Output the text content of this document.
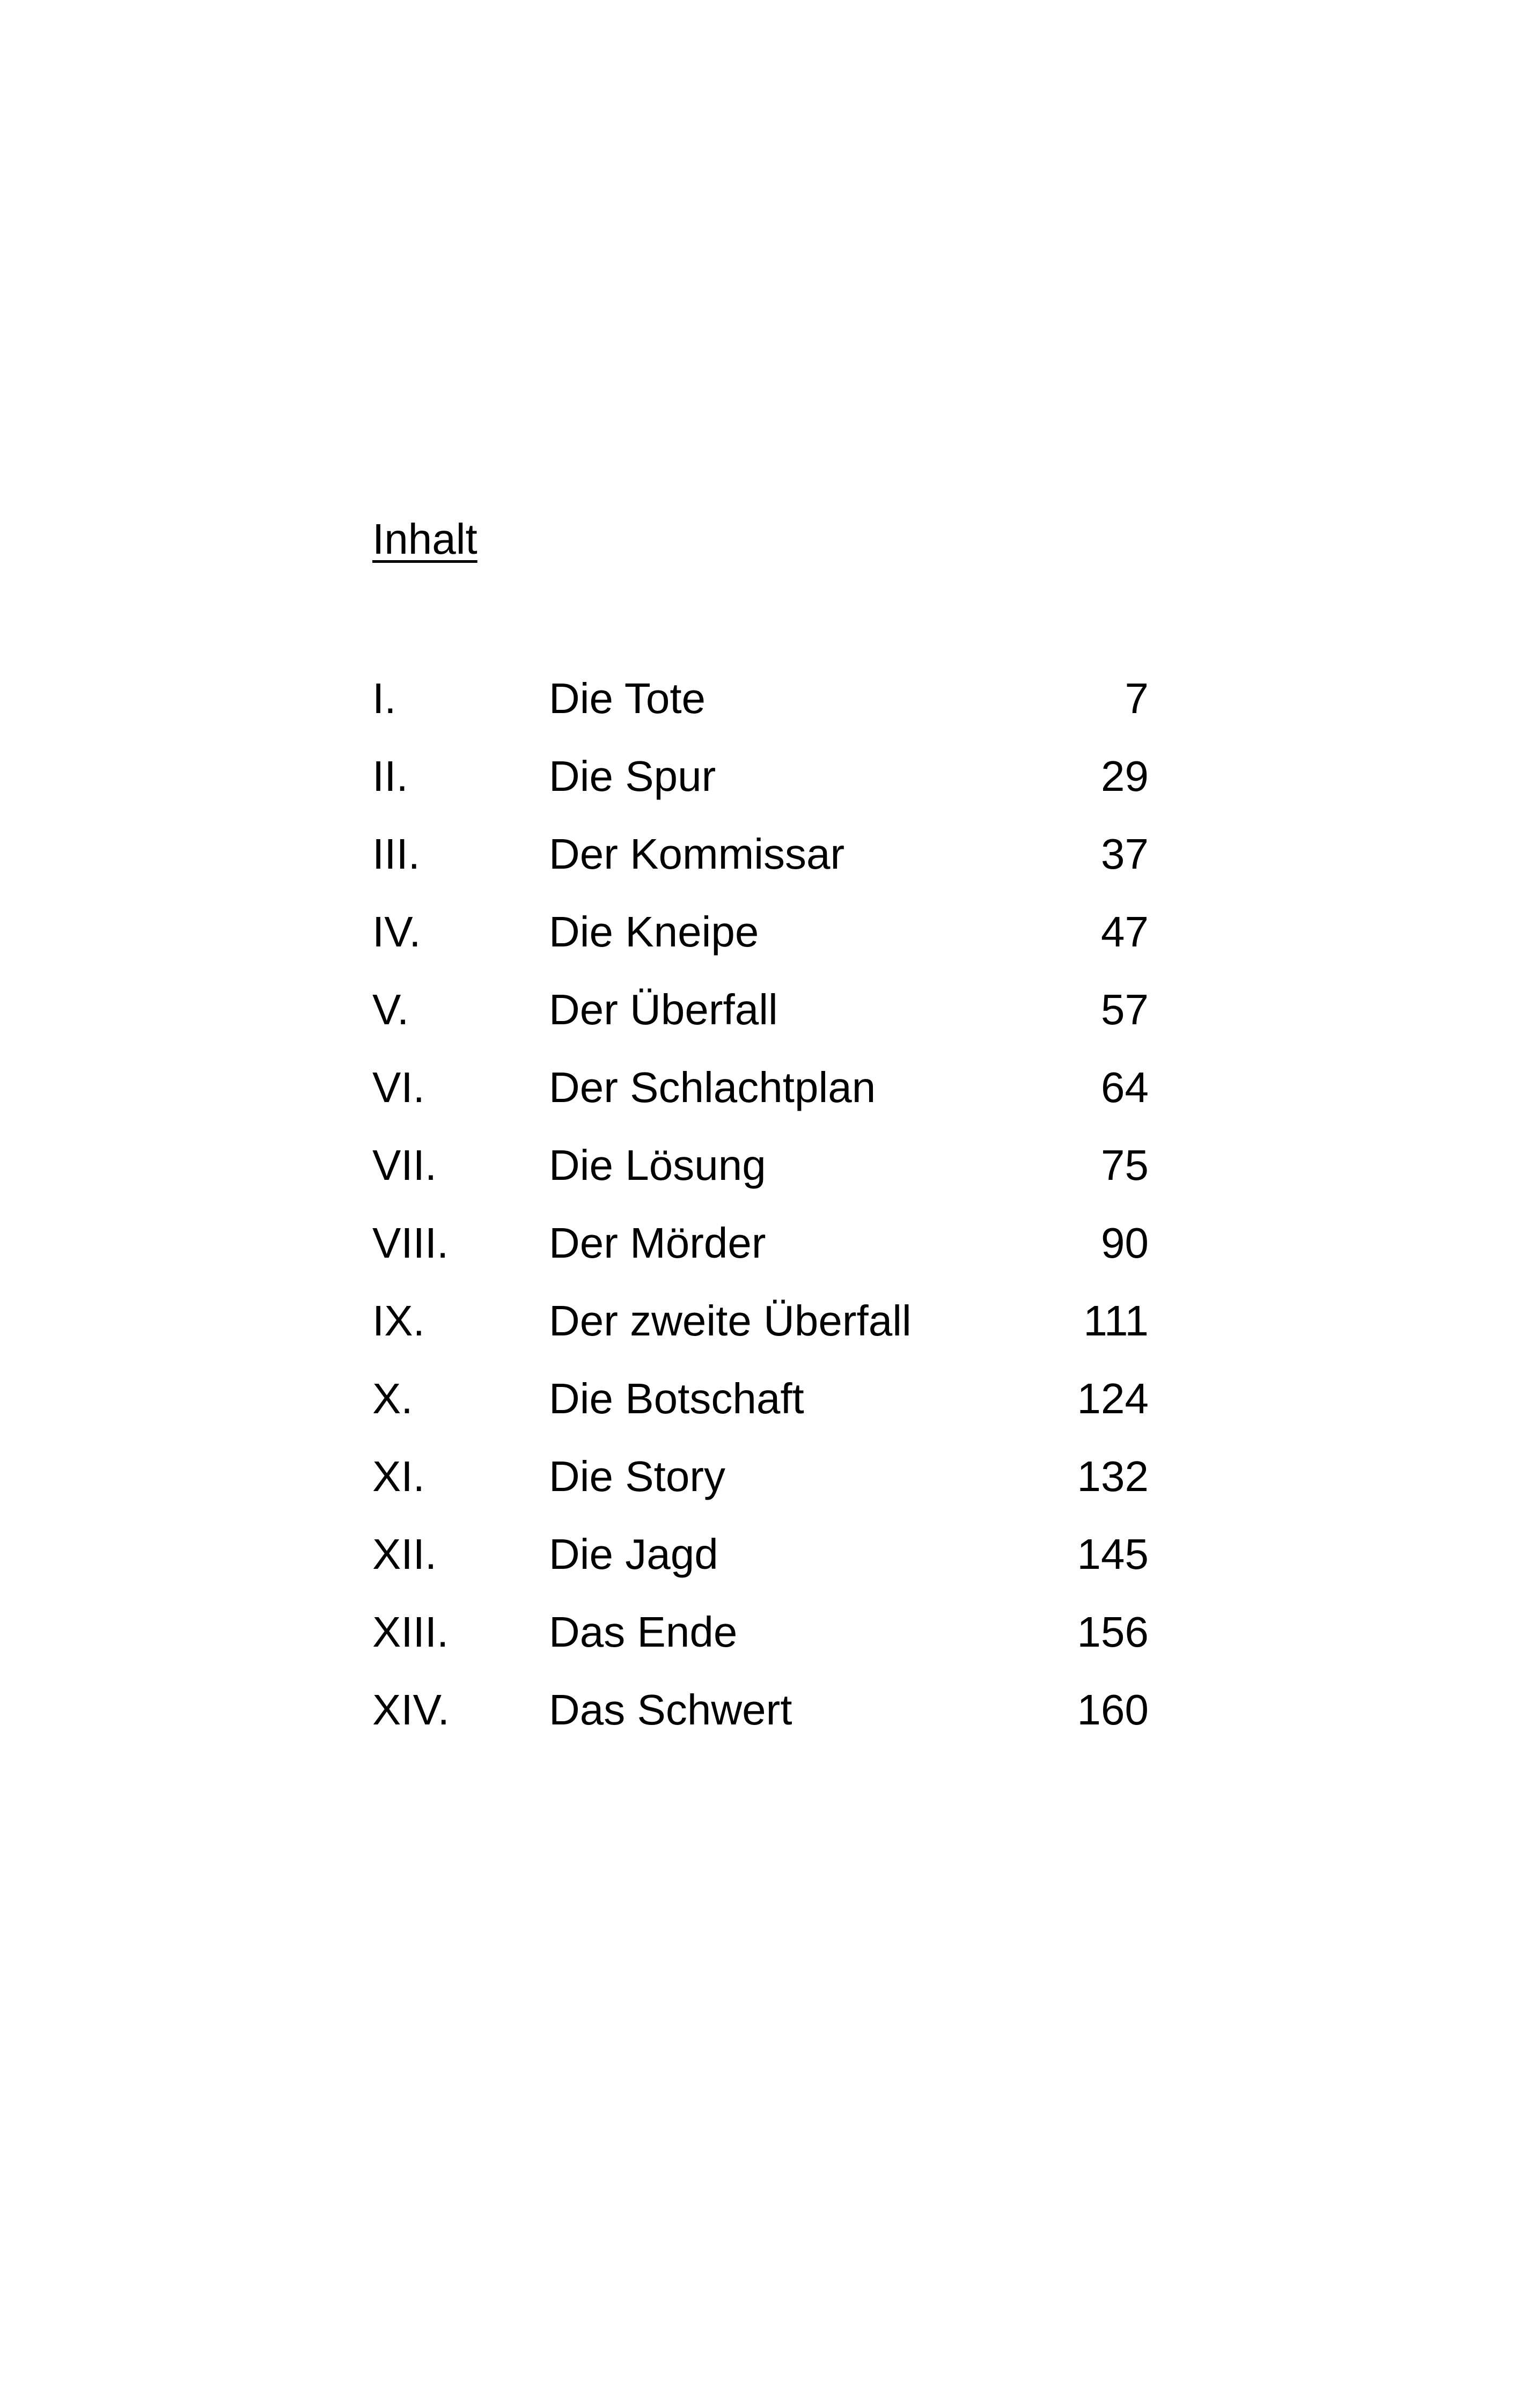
Inhalt
I.	Die Tote	7
II.	Die Spur	29
III.	Der Kommissar	37
IV.	Die Kneipe	47
V.	Der Überfall	57
VI.	Der Schlachtplan	64
VII.	Die Lösung	75
VIII. Der Mörder	90
IX.	Der zweite Überfall	111
X.	Die Botschaft	124
XI.	Die Story	132
XII.	Die Jagd	145
XIII. Das Ende	156
XIV. Das Schwert	160
